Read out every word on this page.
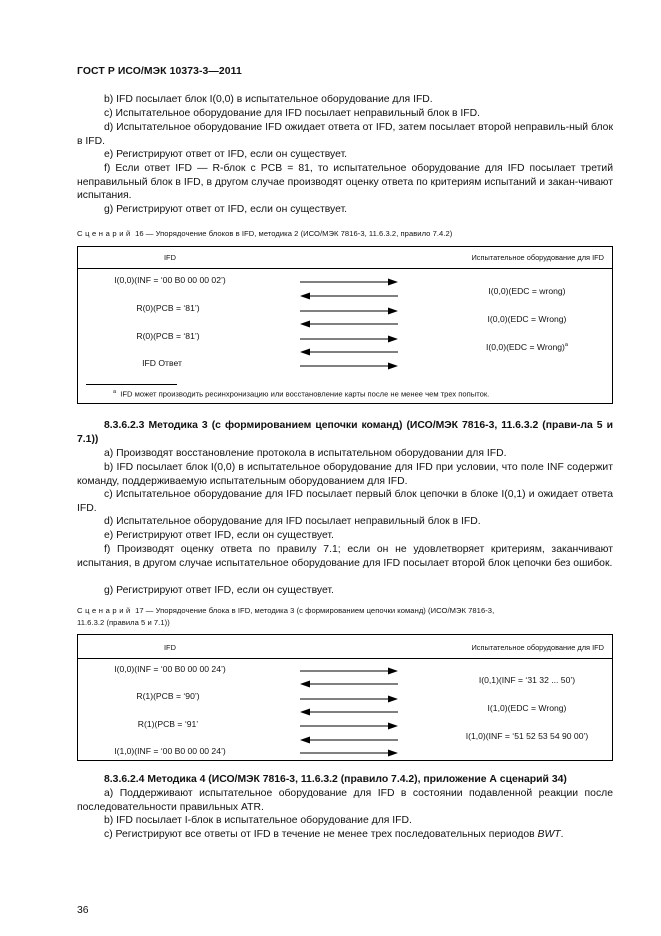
ГОСТ Р ИСО/МЭК 10373-3—2011
b) IFD посылает блок I(0,0) в испытательное оборудование для IFD.
c) Испытательное оборудование для IFD посылает неправильный блок в IFD.
d) Испытательное оборудование IFD ожидает ответа от IFD, затем посылает второй неправиль-ный блок в IFD.
e) Регистрируют ответ от IFD, если он существует.
f) Если ответ IFD — R-блок с PCB = 81, то испытательное оборудование для IFD посылает третий неправильный блок в IFD, в другом случае производят оценку ответа по критериям испытаний и закан-чивают испытания.
g) Регистрируют ответ от IFD, если он существует.
Сценарий 16 — Упорядочение блоков в IFD, методика 2 (ИСО/МЭК 7816-3, 11.6.3.2, правило 7.4.2)
IFD	Испытательное оборудование для IFD
I(0,0)(INF = ‘00 B0 00 00 02’)
I(0,0)(EDC = wrong)
R(0)(PCB = ‘81’)
I(0,0)(EDC = Wrong)
R(0)(PCB = ‘81’)
I(0,0)(EDC = Wrong)$^a$
IFD Ответ
$^a$ IFD может производить ресинхронизацию или восстановление карты после не менее чем трех попыток.
8.3.6.2.3 Методика 3 (с формированием цепочки команд) (ИСО/МЭК 7816-3, 11.6.3.2 (прави-ла 5 и 7.1))
a) Производят восстановление протокола в испытательном оборудовании для IFD.
b) IFD посылает блок I(0,0) в испытательное оборудование для IFD при условии, что поле INF содержит команду, поддерживаемую испытательным оборудованием для IFD.
c) Испытательное оборудование для IFD посылает первый блок цепочки в блоке I(0,1) и ожидает ответа IFD.
d) Испытательное оборудование для IFD посылает неправильный блок в IFD.
e) Регистрируют ответ IFD, если он существует.
f) Производят оценку ответа по правилу 7.1; если он не удовлетворяет критериям, заканчивают испытания, в другом случае испытательное оборудование для IFD посылает второй блок цепочки без ошибок.
g) Регистрируют ответ IFD, если он существует.
Сценарий 17 — Упорядочение блока в IFD, методика 3 (с формированием цепочки команд) (ИСО/МЭК 7816-3,
11.6.3.2 (правила 5 и 7.1))
IFD	Испытательное оборудование для IFD
I(0,0)(INF = ‘00 B0 00 00 24’)
I(0,1)(INF = ‘31 32 ... 50’)
R(1)(PCB = ‘90’)
I(1,0)(EDC = Wrong)
R(1)(PCB = ‘91’
I(1,0)(INF = ‘51 52 53 54 90 00’)
I(1,0)(INF = ‘00 B0 00 00 24’)
8.3.6.2.4 Методика 4 (ИСО/МЭК 7816-3, 11.6.3.2 (правило 7.4.2), приложение А сценарий 34)
a) Поддерживают испытательное оборудование для IFD в состоянии подавленной реакции после последовательности правильных ATR.
b) IFD посылает I-блок в испытательное оборудование для IFD.
c) Регистрируют все ответы от IFD в течение не менее трех последовательных периодов BWT.
36
